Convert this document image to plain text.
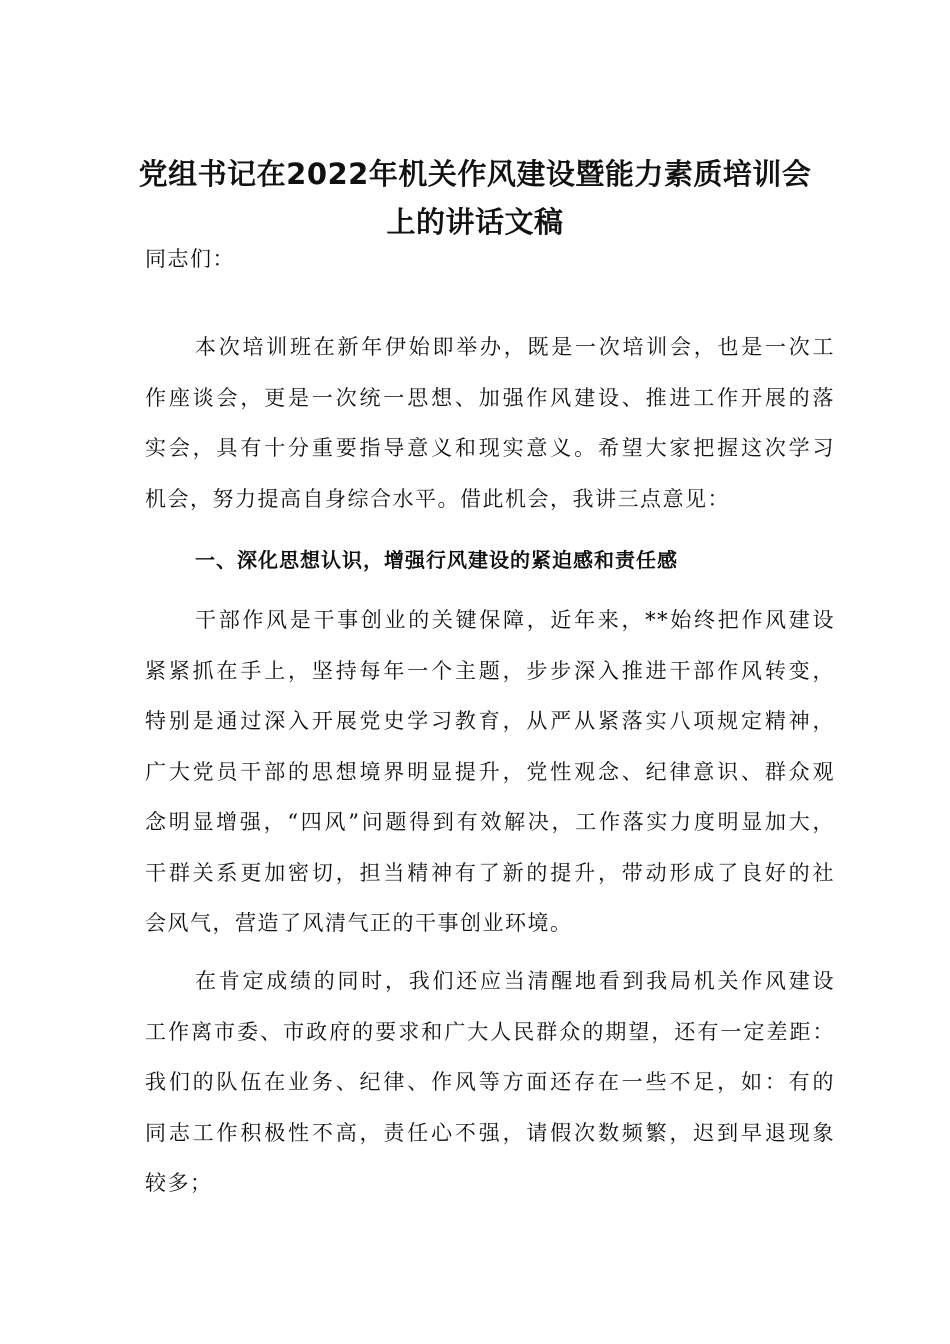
党组书记在2022年机关作风建设暨能力素质培训会
上的讲话文稿
同志们：
本次培训班在新年伊始即举办，既是一次培训会，也是一次工
作座谈会，更是一次统一思想、加强作风建设、推进工作开展的落
实会，具有十分重要指导意义和现实意义。希望大家把握这次学习
机会，努力提高自身综合水平。借此机会，我讲三点意见：
一、深化思想认识，增强行风建设的紧迫感和责任感
干部作风是干事创业的关键保障，近年来，**始终把作风建设
紧紧抓在手上，坚持每年一个主题，步步深入推进干部作风转变，
特别是通过深入开展党史学习教育，从严从紧落实八项规定精神，
广大党员干部的思想境界明显提升，党性观念、纪律意识、群众观
念明显增强，“四风”问题得到有效解决，工作落实力度明显加大，
干群关系更加密切，担当精神有了新的提升，带动形成了良好的社
会风气，营造了风清气正的干事创业环境。
在肯定成绩的同时，我们还应当清醒地看到我局机关作风建设
工作离市委、市政府的要求和广大人民群众的期望，还有一定差距：
我们的队伍在业务、纪律、作风等方面还存在一些不足，如：有的
同志工作积极性不高，责任心不强，请假次数频繁，迟到早退现象
较多；
